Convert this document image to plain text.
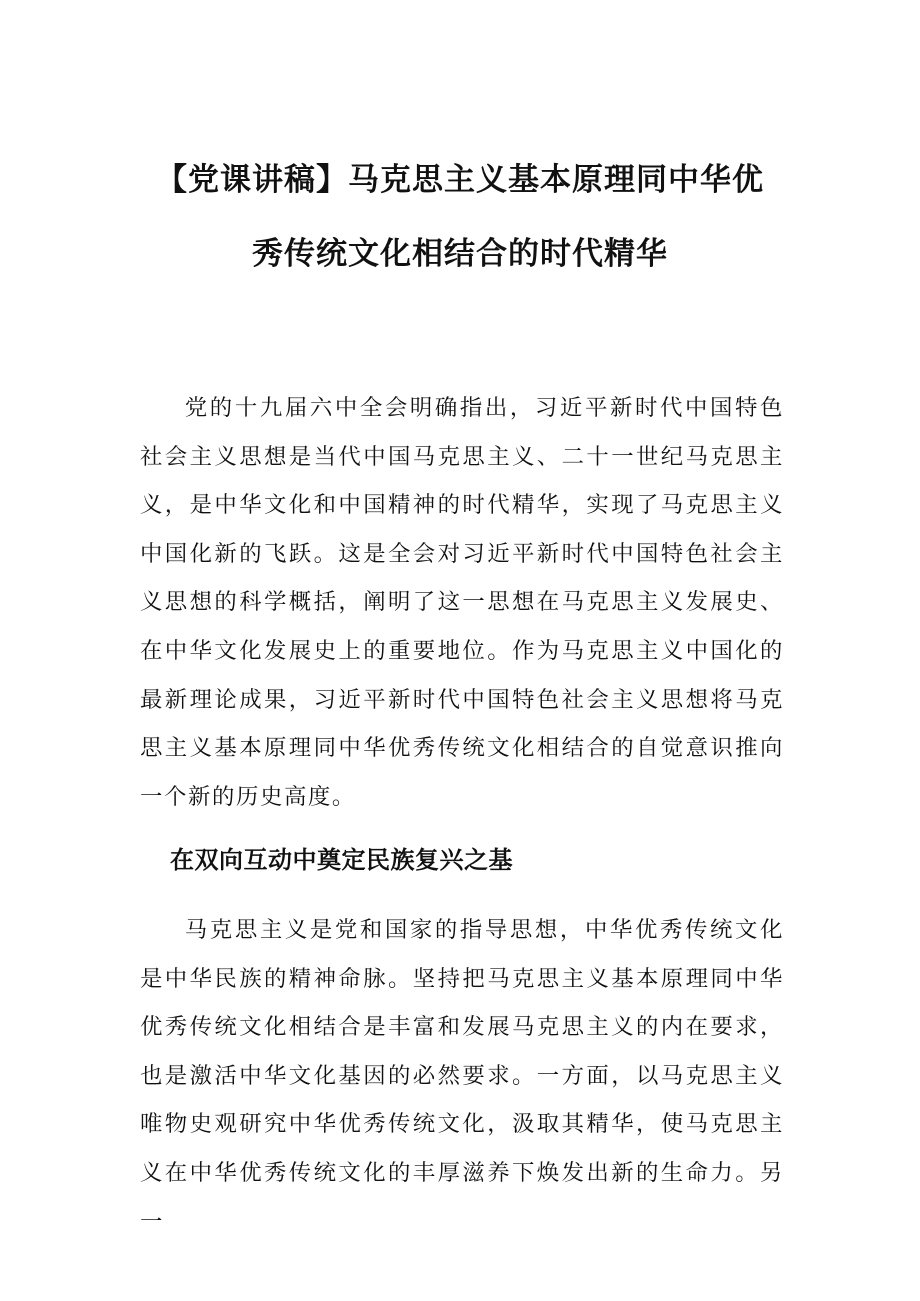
【党课讲稿】马克思主义基本原理同中华优
秀传统文化相结合的时代精华

党的十九届六中全会明确指出，习近平新时代中国特色社会主义思想是当代中国马克思主义、二十一世纪马克思主义，是中华文化和中国精神的时代精华，实现了马克思主义中国化新的飞跃。这是全会对习近平新时代中国特色社会主义思想的科学概括，阐明了这一思想在马克思主义发展史、在中华文化发展史上的重要地位。作为马克思主义中国化的最新理论成果，习近平新时代中国特色社会主义思想将马克思主义基本原理同中华优秀传统文化相结合的自觉意识推向一个新的历史高度。

在双向互动中奠定民族复兴之基

马克思主义是党和国家的指导思想，中华优秀传统文化是中华民族的精神命脉。坚持把马克思主义基本原理同中华优秀传统文化相结合是丰富和发展马克思主义的内在要求，也是激活中华文化基因的必然要求。一方面，以马克思主义唯物史观研究中华优秀传统文化，汲取其精华，使马克思主义在中华优秀传统文化的丰厚滋养下焕发出新的生命力。另一
